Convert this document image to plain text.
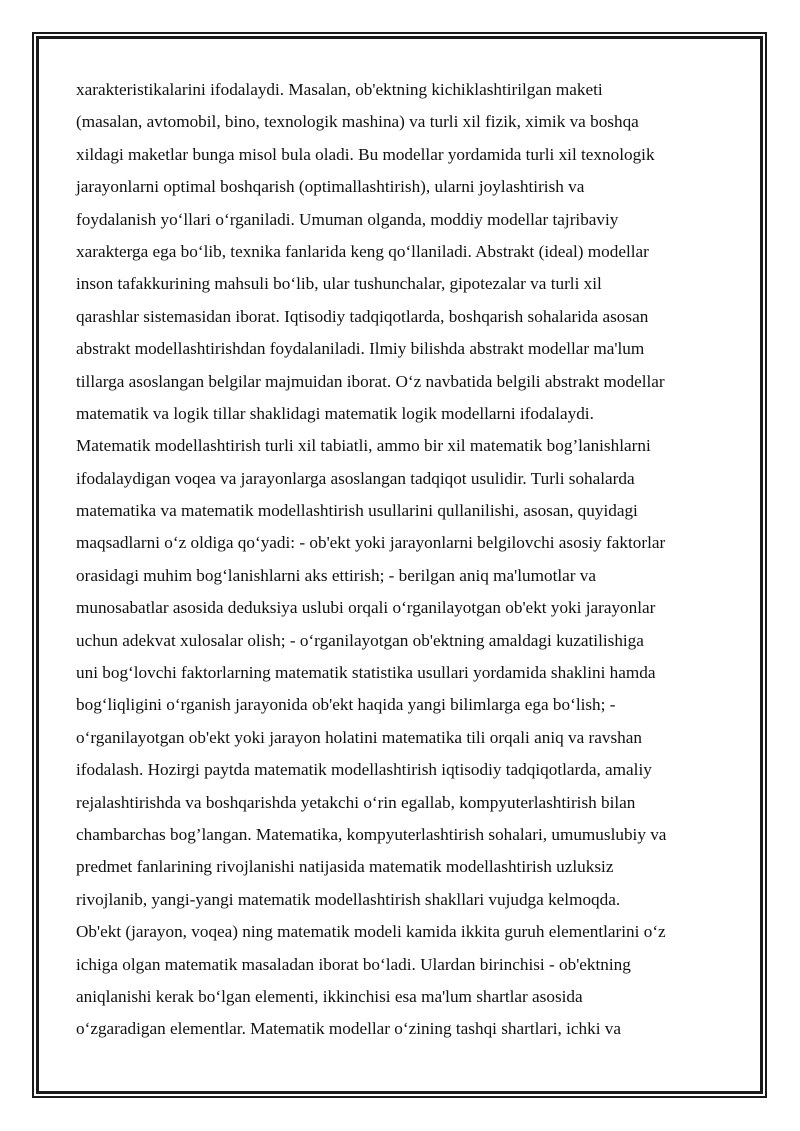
xarakteristikalarini ifodalaydi. Masalan, ob'ektning kichiklashtirilgan maketi
(masalan, avtomobil, bino, texnologik mashina) va turli xil fizik, ximik va boshqa
xildagi maketlar bunga misol bula oladi. Bu modellar yordamida turli xil texnologik
jarayonlarni optimal boshqarish (optimallashtirish), ularni joylashtirish va
foydalanish yo‘llari o‘rganiladi. Umuman olganda, moddiy modellar tajribaviy
xarakterga ega bo‘lib, texnika fanlarida keng qo‘llaniladi. Abstrakt (ideal) modellar
inson tafakkurining mahsuli bo‘lib, ular tushunchalar, gipotezalar va turli xil
qarashlar sistemasidan iborat. Iqtisodiy tadqiqotlarda, boshqarish sohalarida asosan
abstrakt modellashtirishdan foydalaniladi. Ilmiy bilishda abstrakt modellar ma'lum
tillarga asoslangan belgilar majmuidan iborat. O‘z navbatida belgili abstrakt modellar
matematik va logik tillar shaklidagi matematik logik modellarni ifodalaydi.
Matematik modellashtirish turli xil tabiatli, ammo bir xil matematik bog’lanishlarni
ifodalaydigan voqea va jarayonlarga asoslangan tadqiqot usulidir. Turli sohalarda
matematika va matematik modellashtirish usullarini qullanilishi, asosan, quyidagi
maqsadlarni o‘z oldiga qo‘yadi: - ob'ekt yoki jarayonlarni belgilovchi asosiy faktorlar
orasidagi muhim bog‘lanishlarni aks ettirish; - berilgan aniq ma'lumotlar va
munosabatlar asosida deduksiya uslubi orqali o‘rganilayotgan ob'ekt yoki jarayonlar
uchun adekvat xulosalar olish; - o‘rganilayotgan ob'ektning amaldagi kuzatilishiga
uni bog‘lovchi faktorlarning matematik statistika usullari yordamida shaklini hamda
bog‘liqligini o‘rganish jarayonida ob'ekt haqida yangi bilimlarga ega bo‘lish; -
o‘rganilayotgan ob'ekt yoki jarayon holatini matematika tili orqali aniq va ravshan
ifodalash. Hozirgi paytda matematik modellashtirish iqtisodiy tadqiqotlarda, amaliy
rejalashtirishda va boshqarishda yetakchi o‘rin egallab, kompyuterlashtirish bilan
chambarchas bog’langan. Matematika, kompyuterlashtirish sohalari, umumuslubiy va
predmet fanlarining rivojlanishi natijasida matematik modellashtirish uzluksiz
rivojlanib, yangi-yangi matematik modellashtirish shakllari vujudga kelmoqda.
Ob'ekt (jarayon, voqea) ning matematik modeli kamida ikkita guruh elementlarini o‘z
ichiga olgan matematik masaladan iborat bo‘ladi. Ulardan birinchisi - ob'ektning
aniqlanishi kerak bo‘lgan elementi, ikkinchisi esa ma'lum shartlar asosida
o‘zgaradigan elementlar. Matematik modellar o‘zining tashqi shartlari, ichki va
